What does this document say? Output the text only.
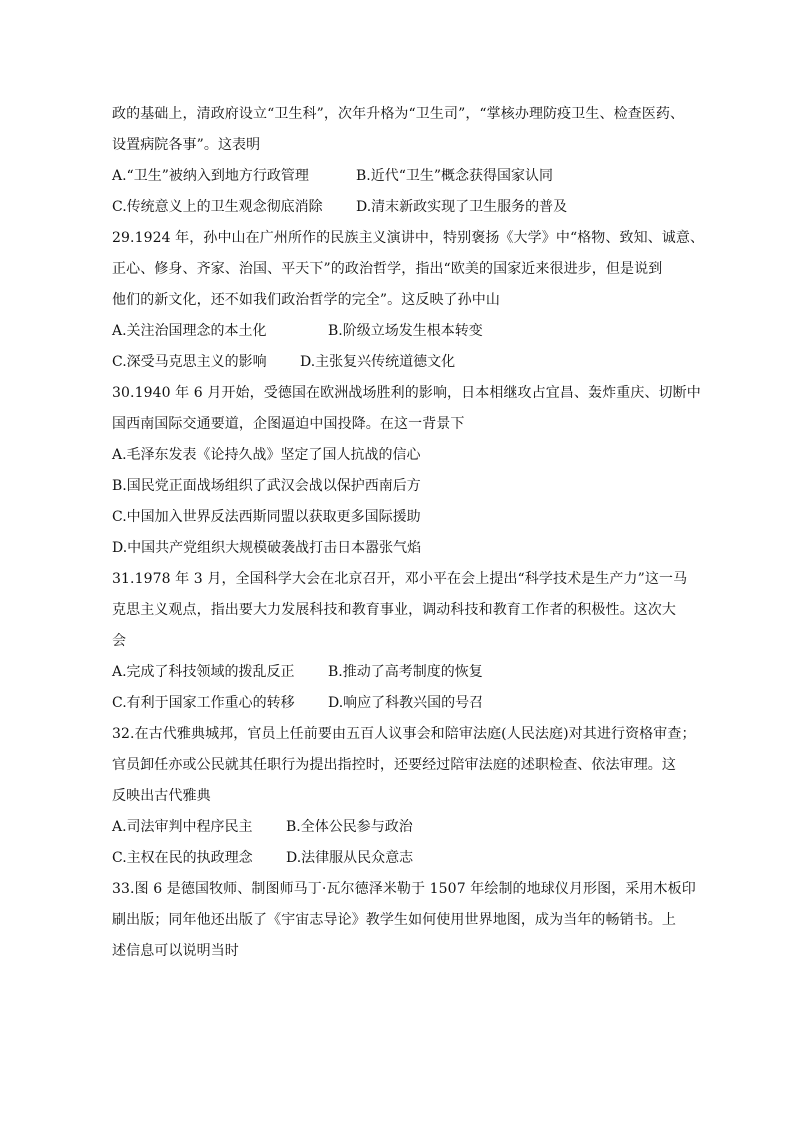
政的基础上，清政府设立“卫生科”，次年升格为“卫生司”，“掌核办理防疫卫生、检查医药、
设置病院各事”。这表明
A.“卫生”被纳入到地方行政管理	B.近代“卫生”概念获得国家认同
C.传统意义上的卫生观念彻底消除 D.清末新政实现了卫生服务的普及
29.1924 年，孙中山在广州所作的民族主义演讲中，特别褒扬《大学》中“格物、致知、诚意、
正心、修身、齐家、治国、平天下”的政治哲学，指出“欧美的国家近来很进步，但是说到
他们的新文化，还不如我们政治哲学的完全”。这反映了孙中山
A.关注治国理念的本土化	B.阶级立场发生根本转变
C.深受马克思主义的影响 D.主张复兴传统道德文化
30.1940 年 6 月开始，受德国在欧洲战场胜利的影响，日本相继攻占宜昌、轰炸重庆、切断中
国西南国际交通要道，企图逼迫中国投降。在这一背景下
A.毛泽东发表《论持久战》坚定了国人抗战的信心
B.国民党正面战场组织了武汉会战以保护西南后方
C.中国加入世界反法西斯同盟以获取更多国际援助
D.中国共产党组织大规模破袭战打击日本嚣张气焰
31.1978 年 3 月，全国科学大会在北京召开，邓小平在会上提出“科学技术是生产力”这一马
克思主义观点，指出要大力发展科技和教育事业，调动科技和教育工作者的积极性。这次大
会
A.完成了科技领域的拨乱反正 B.推动了高考制度的恢复
C.有利于国家工作重心的转移 D.响应了科教兴国的号召
32.在古代雅典城邦，官员上任前要由五百人议事会和陪审法庭(人民法庭)对其进行资格审查；
官员卸任亦或公民就其任职行为提出指控时，还要经过陪审法庭的述职检查、依法审理。这
反映出古代雅典
A.司法审判中程序民主 B.全体公民参与政治
C.主权在民的执政理念 D.法律服从民众意志
33.图 6 是德国牧师、制图师马丁·瓦尔德泽米勒于 1507 年绘制的地球仪月形图，采用木板印
刷出版；同年他还出版了《宇宙志导论》教学生如何使用世界地图，成为当年的畅销书。上
述信息可以说明当时
